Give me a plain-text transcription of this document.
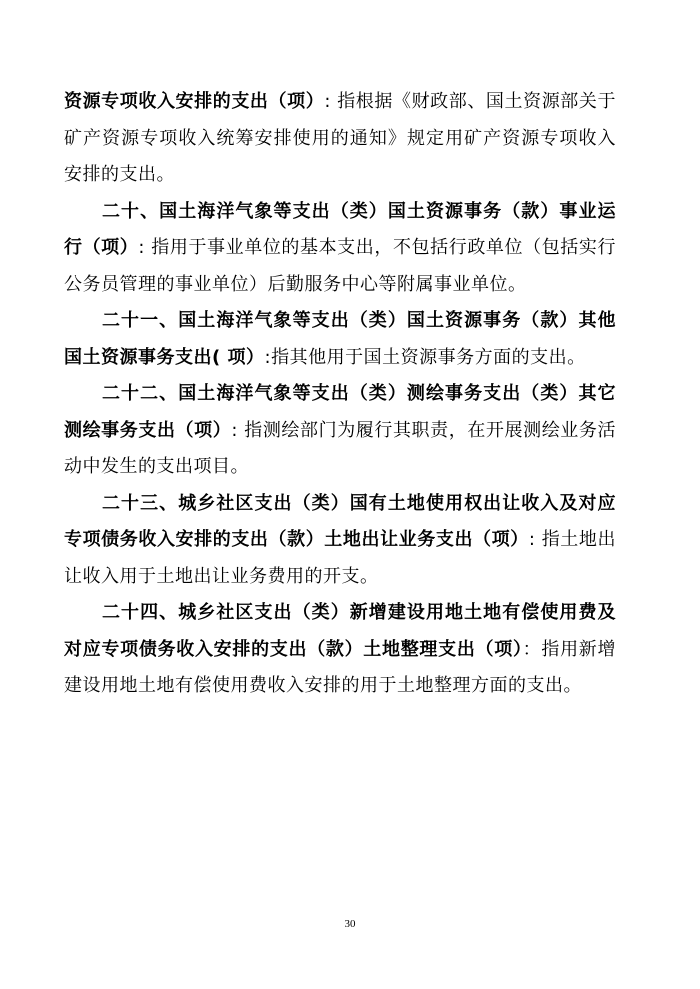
资源专项收入安排的支出（项）: 指根据《财政部、国土资源部关于矿产资源专项收入统筹安排使用的通知》规定用矿产资源专项收入安排的支出。

二十、国土海洋气象等支出（类）国土资源事务（款）事业运行（项）: 指用于事业单位的基本支出，不包括行政单位（包括实行公务员管理的事业单位）后勤服务中心等附属事业单位。

二十一、国土海洋气象等支出（类）国土资源事务（款）其他国土资源事务支出( 项）:指其他用于国土资源事务方面的支出。

二十二、国土海洋气象等支出（类）测绘事务支出（类）其它测绘事务支出（项）: 指测绘部门为履行其职责，在开展测绘业务活动中发生的支出项目。

二十三、城乡社区支出（类）国有土地使用权出让收入及对应专项债务收入安排的支出（款）土地出让业务支出（项）: 指土地出让收入用于土地出让业务费用的开支。

二十四、城乡社区支出（类）新增建设用地土地有偿使用费及对应专项债务收入安排的支出（款）土地整理支出（项）：指用新增建设用地土地有偿使用费收入安排的用于土地整理方面的支出。

30
